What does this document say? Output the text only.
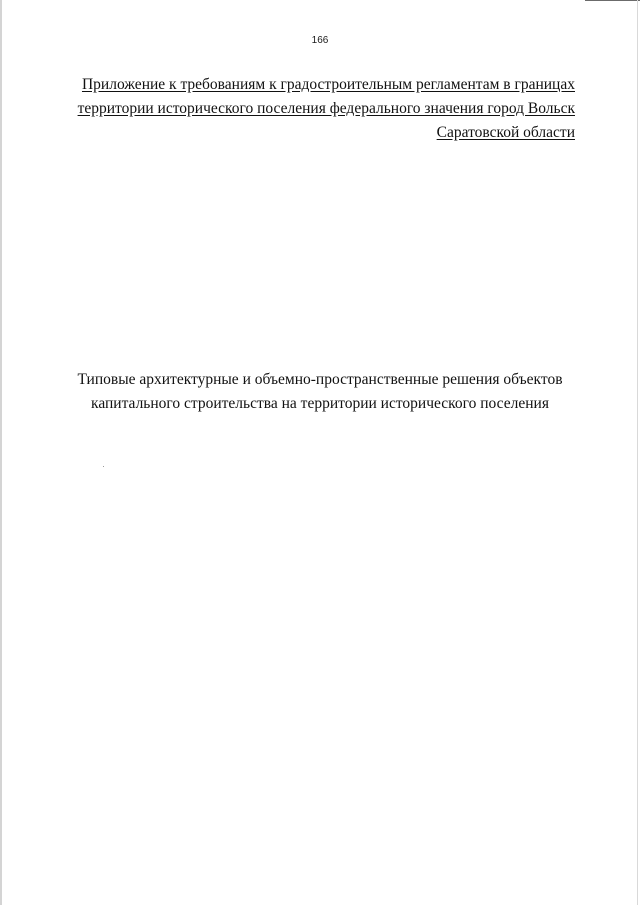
166
Приложение к требованиям к градостроительным регламентам в границах
территории исторического поселения федерального значения город Вольск
Саратовской области
Типовые архитектурные и объемно-пространственные решения объектов
капитального строительства на территории исторического поселения
